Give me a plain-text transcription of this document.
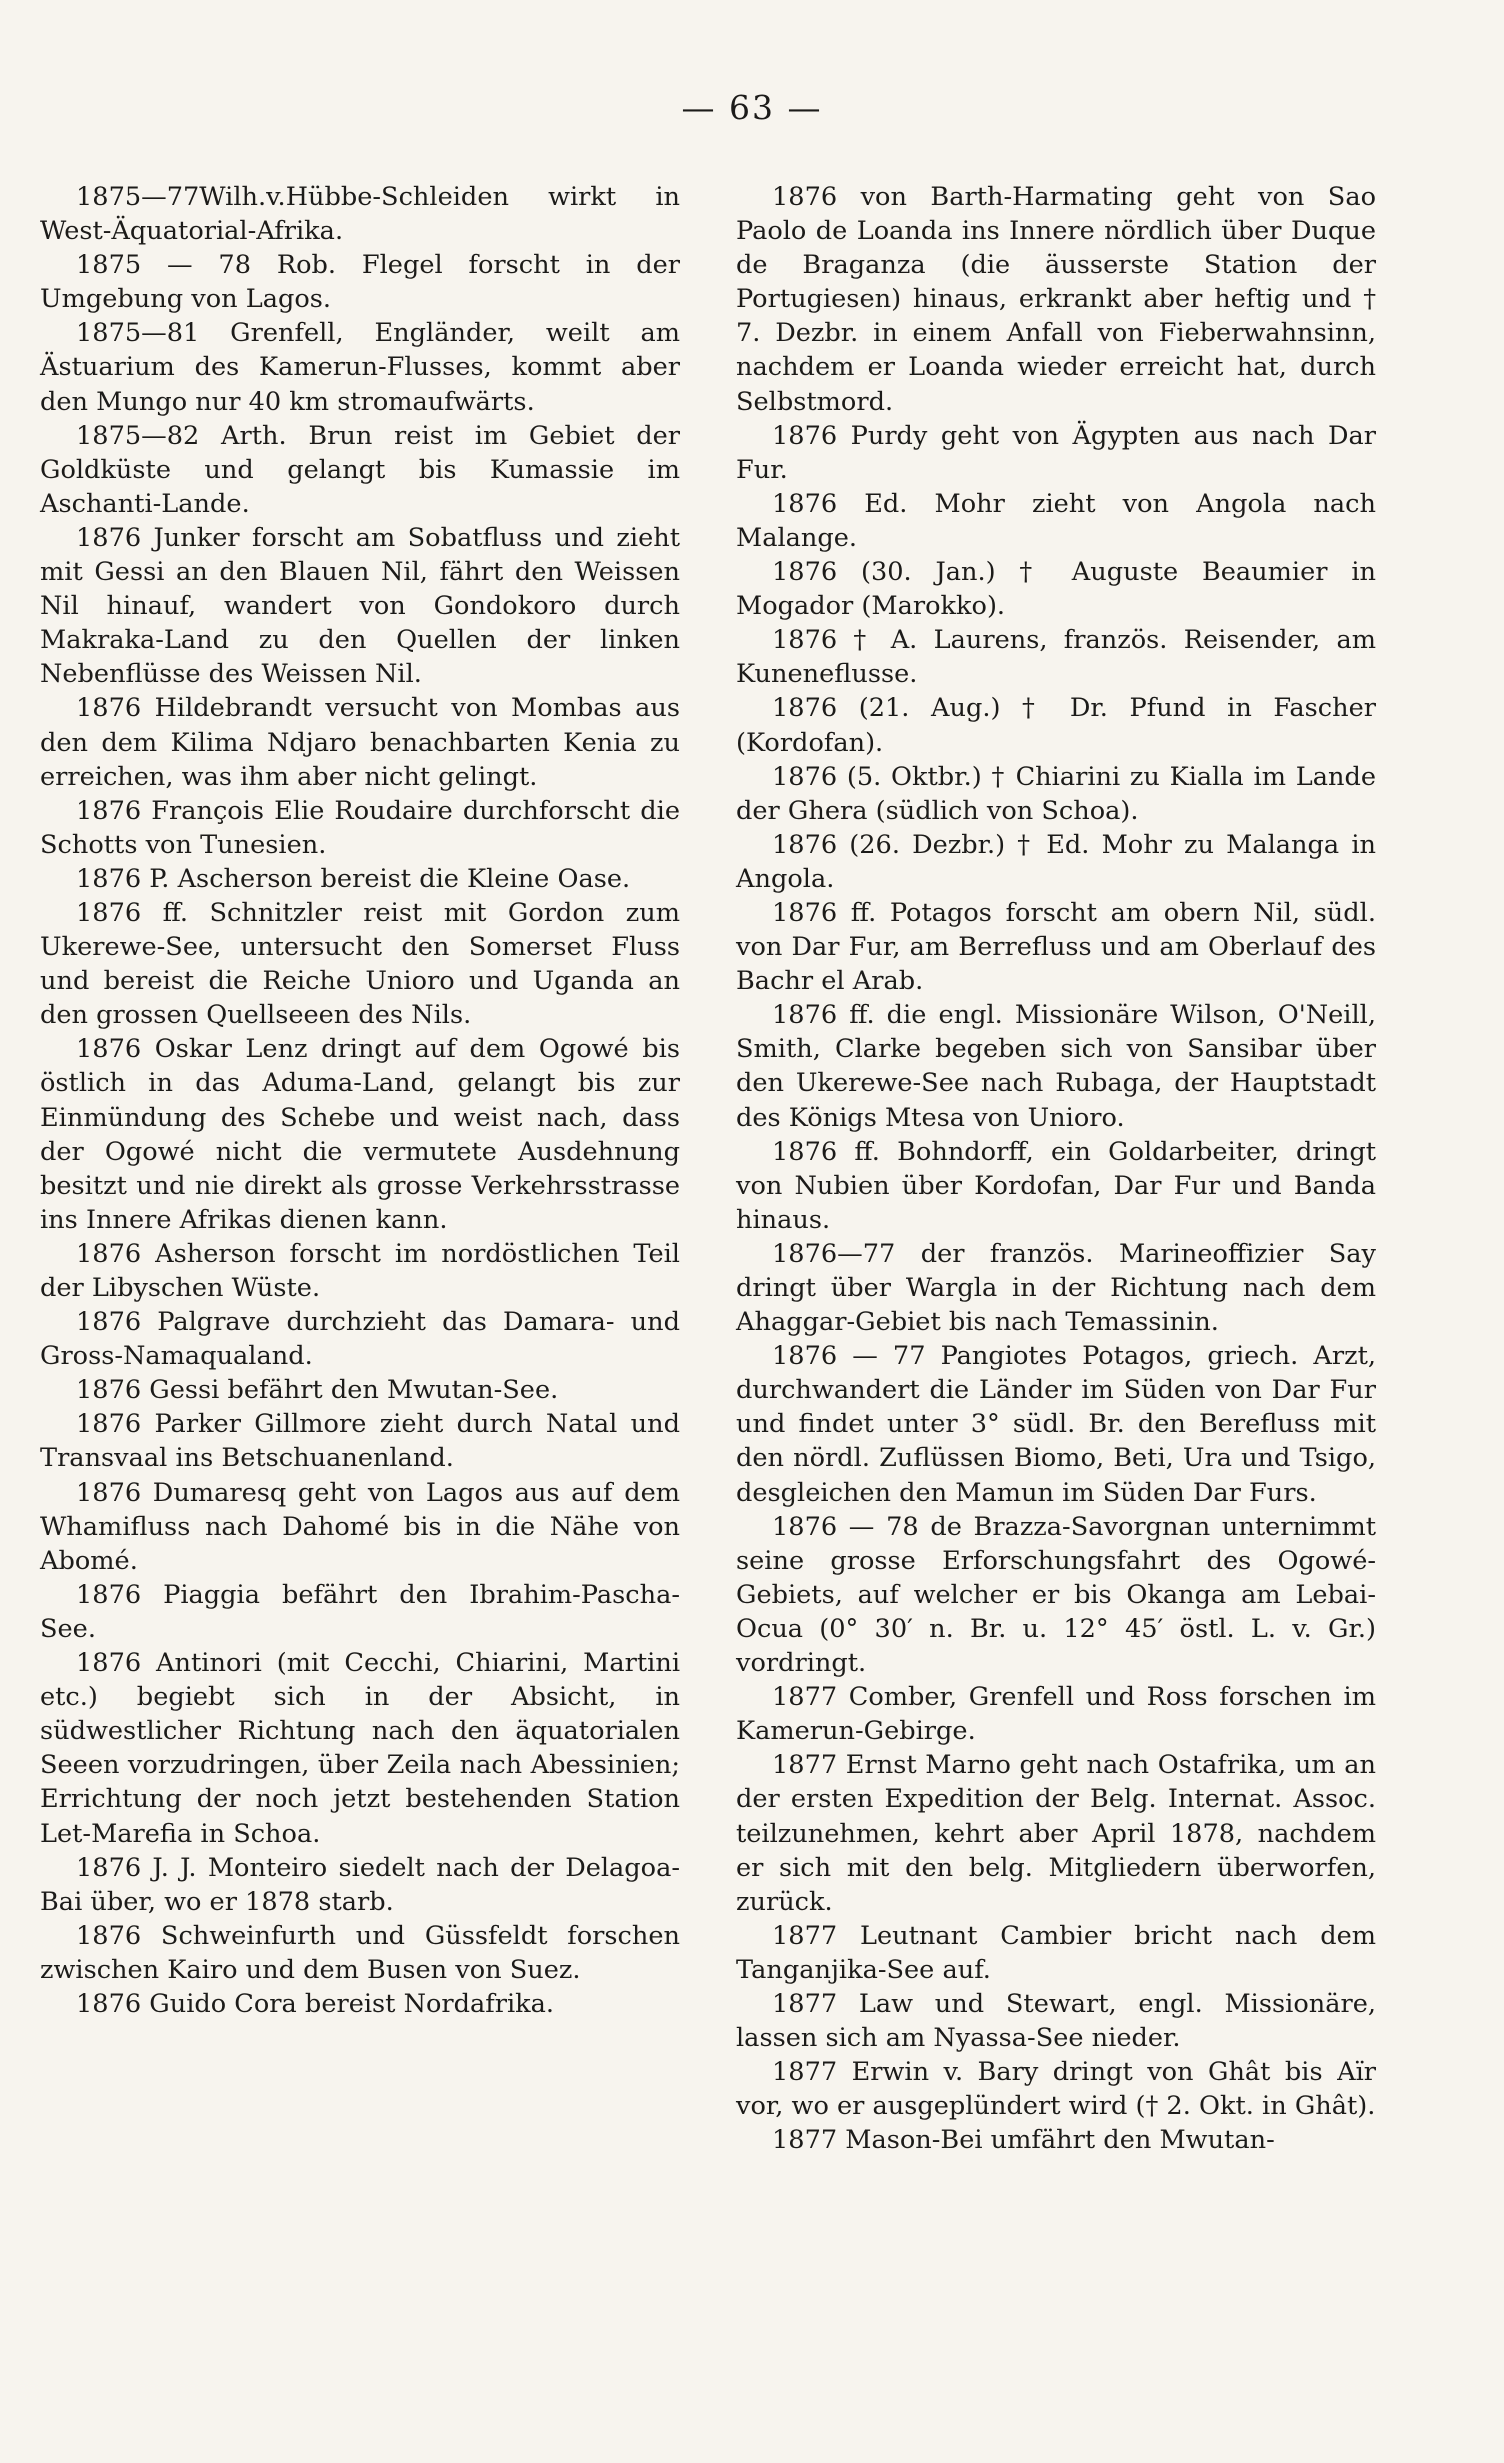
— 63 —

1875—77Wilh.v.Hübbe-Schleiden wirkt in West-Äquatorial-Afrika.

1875 — 78 Rob. Flegel forscht in der Umgebung von Lagos.

1875—81 Grenfell, Engländer, weilt am Ästuarium des Kamerun-Flusses, kommt aber den Mungo nur 40 km stromaufwärts.

1875—82 Arth. Brun reist im Gebiet der Goldküste und gelangt bis Kumassie im Aschanti-Lande.

1876 Junker forscht am Sobatfluss und zieht mit Gessi an den Blauen Nil, fährt den Weissen Nil hinauf, wandert von Gondokoro durch Makraka-Land zu den Quellen der linken Nebenflüsse des Weissen Nil.

1876 Hildebrandt versucht von Mombas aus den dem Kilima Ndjaro benachbarten Kenia zu erreichen, was ihm aber nicht gelingt.

1876 François Elie Roudaire durchforscht die Schotts von Tunesien.

1876 P. Ascherson bereist die Kleine Oase.

1876 ff. Schnitzler reist mit Gordon zum Ukerewe-See, untersucht den Somerset Fluss und bereist die Reiche Unioro und Uganda an den grossen Quellseeen des Nils.

1876 Oskar Lenz dringt auf dem Ogowé bis östlich in das Aduma-Land, gelangt bis zur Einmündung des Schebe und weist nach, dass der Ogowé nicht die vermutete Ausdehnung besitzt und nie direkt als grosse Verkehrsstrasse ins Innere Afrikas dienen kann.

1876 Asherson forscht im nordöstlichen Teil der Libyschen Wüste.

1876 Palgrave durchzieht das Damara- und Gross-Namaqualand.

1876 Gessi befährt den Mwutan-See.

1876 Parker Gillmore zieht durch Natal und Transvaal ins Betschuanenland.

1876 Dumaresq geht von Lagos aus auf dem Whamifluss nach Dahomé bis in die Nähe von Abomé.

1876 Piaggia befährt den Ibrahim-Pascha-See.

1876 Antinori (mit Cecchi, Chiarini, Martini etc.) begiebt sich in der Absicht, in südwestlicher Richtung nach den äquatorialen Seeen vorzudringen, über Zeila nach Abessinien; Errichtung der noch jetzt bestehenden Station Let-Marefia in Schoa.

1876 J. J. Monteiro siedelt nach der Delagoa-Bai über, wo er 1878 starb.

1876 Schweinfurth und Güssfeldt forschen zwischen Kairo und dem Busen von Suez.

1876 Guido Cora bereist Nordafrika.

1876 von Barth-Harmating geht von Sao Paolo de Loanda ins Innere nördlich über Duque de Braganza (die äusserste Station der Portugiesen) hinaus, erkrankt aber heftig und † 7. Dezbr. in einem Anfall von Fieberwahnsinn, nachdem er Loanda wieder erreicht hat, durch Selbstmord.

1876 Purdy geht von Ägypten aus nach Dar Fur.

1876 Ed. Mohr zieht von Angola nach Malange.

1876 (30. Jan.) † Auguste Beaumier in Mogador (Marokko).

1876 † A. Laurens, französ. Reisender, am Kuneneflusse.

1876 (21. Aug.) † Dr. Pfund in Fascher (Kordofan).

1876 (5. Oktbr.) † Chiarini zu Kialla im Lande der Ghera (südlich von Schoa).

1876 (26. Dezbr.) † Ed. Mohr zu Malanga in Angola.

1876 ff. Potagos forscht am obern Nil, südl. von Dar Fur, am Berrefluss und am Oberlauf des Bachr el Arab.

1876 ff. die engl. Missionäre Wilson, O'Neill, Smith, Clarke begeben sich von Sansibar über den Ukerewe-See nach Rubaga, der Hauptstadt des Königs Mtesa von Unioro.

1876 ff. Bohndorff, ein Goldarbeiter, dringt von Nubien über Kordofan, Dar Fur und Banda hinaus.

1876—77 der französ. Marineoffizier Say dringt über Wargla in der Richtung nach dem Ahaggar-Gebiet bis nach Temassinin.

1876 — 77 Pangiotes Potagos, griech. Arzt, durchwandert die Länder im Süden von Dar Fur und findet unter 3° südl. Br. den Berefluss mit den nördl. Zuflüssen Biomo, Beti, Ura und Tsigo, desgleichen den Mamun im Süden Dar Furs.

1876 — 78 de Brazza-Savorgnan unternimmt seine grosse Erforschungsfahrt des Ogowé-Gebiets, auf welcher er bis Okanga am Lebai-Ocua (0° 30′ n. Br. u. 12° 45′ östl. L. v. Gr.) vordringt.

1877 Comber, Grenfell und Ross forschen im Kamerun-Gebirge.

1877 Ernst Marno geht nach Ostafrika, um an der ersten Expedition der Belg. Internat. Assoc. teilzunehmen, kehrt aber April 1878, nachdem er sich mit den belg. Mitgliedern überworfen, zurück.

1877 Leutnant Cambier bricht nach dem Tanganjika-See auf.

1877 Law und Stewart, engl. Missionäre, lassen sich am Nyassa-See nieder.

1877 Erwin v. Bary dringt von Ghât bis Aïr vor, wo er ausgeplündert wird († 2. Okt. in Ghât).

1877 Mason-Bei umfährt den Mwutan-
